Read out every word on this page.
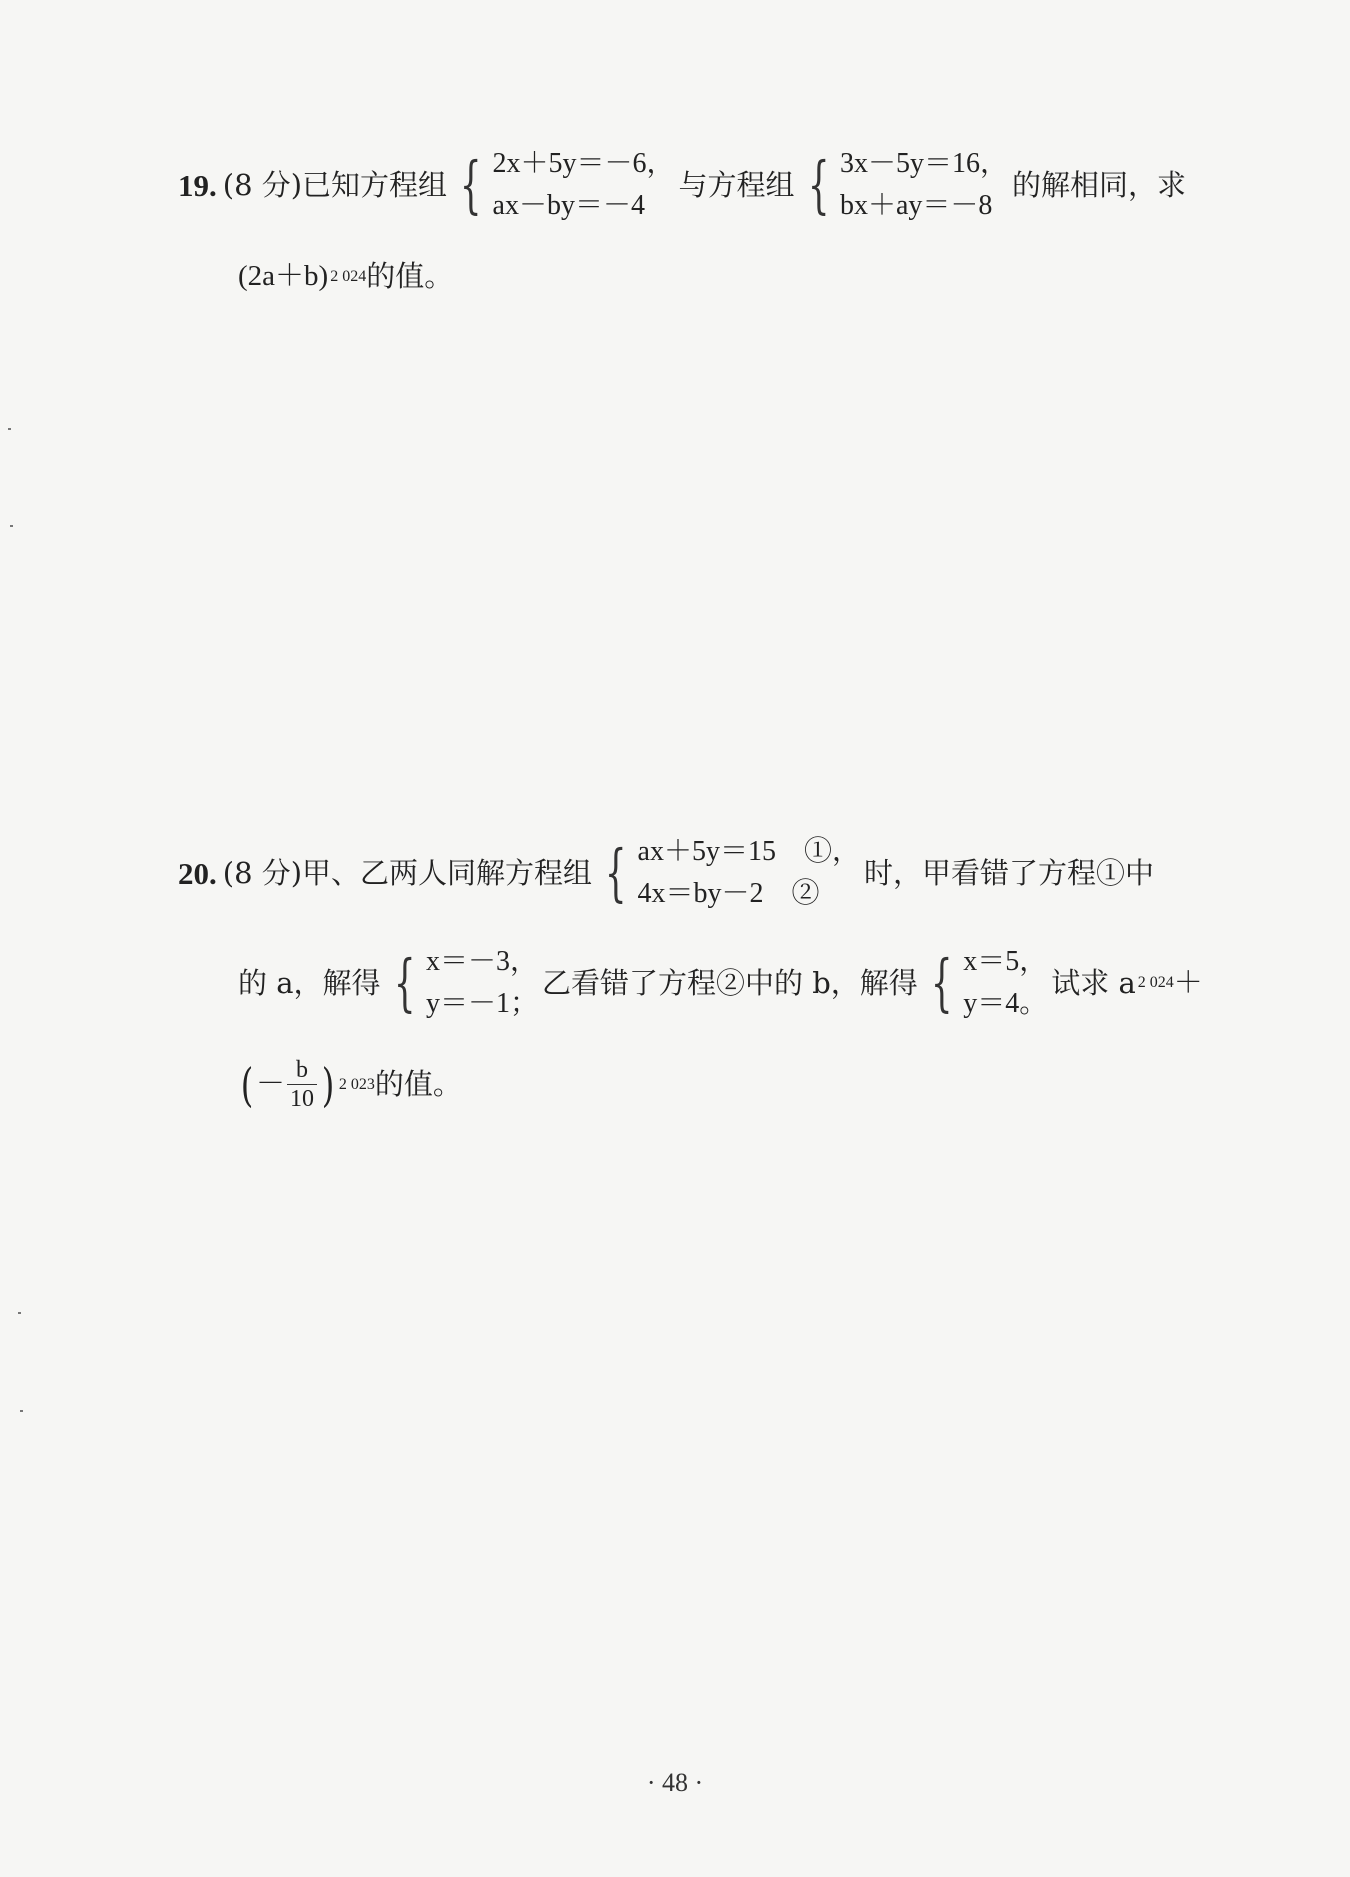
19. (8 分)已知方程组 { 2x＋5y＝－6，
ax－by＝－4
与方程组 { 3x－5y＝16，
bx＋ay＝－8
的解相同，求
(2a＋b) 2 024 的值。
20. (8 分)甲、乙两人同解方程组 { ax＋5y＝15　①，
4x＝by－2　②
时，甲看错了方程①中
的 a，解得 { x＝－3，
y＝－1；
乙看错了方程②中的 b，解得 { x＝5，
y＝4。
试求 a 2 024 ＋
( － $\frac{b}{10}$ ) 2 023 的值。
· 48 ·
